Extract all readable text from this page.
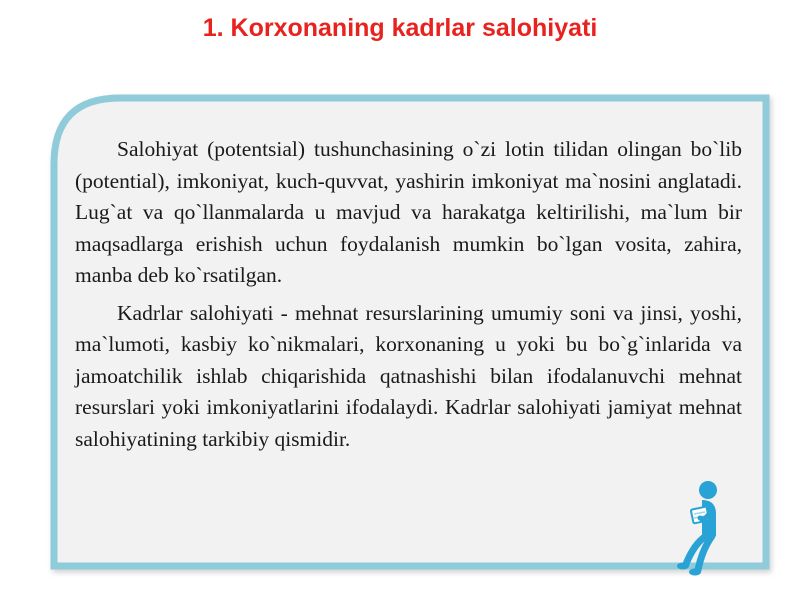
1. Korxonaning kadrlar salohiyati

Salohiyat (potentsial) tushunchasining o`zi lotin tilidan olingan bo`lib (potential), imkoniyat, kuch-quvvat, yashirin imkoniyat ma`nosini anglatadi. Lug`at va qo`llanmalarda u mavjud va harakatga keltirilishi, ma`lum bir maqsadlarga erishish uchun foydalanish mumkin bo`lgan vosita, zahira, manba deb ko`rsatilgan.

Kadrlar salohiyati - mehnat resurslarining umumiy soni va jinsi, yoshi, ma`lumoti, kasbiy ko`nikmalari, korxonaning u yoki bu bo`g`inlarida va jamoatchilik ishlab chiqarishida qatnashishi bilan ifodalanuvchi mehnat resurslari yoki imkoniyatlarini ifodalaydi. Kadrlar salohiyati jamiyat mehnat salohiyatining tarkibiy qismidir.
